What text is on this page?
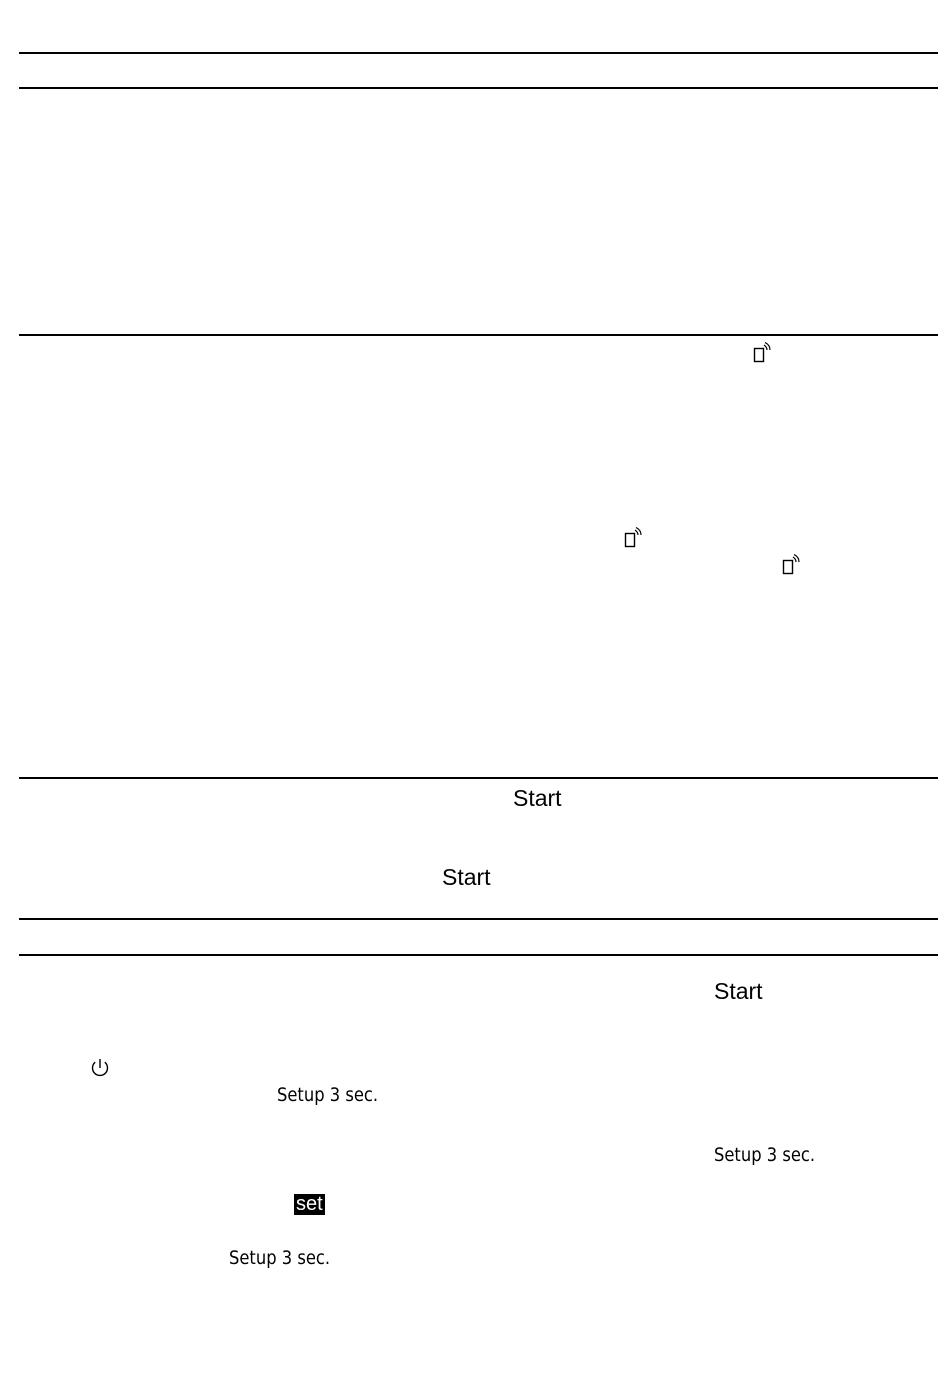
Start
Start
Start
Setup 3 sec.
Setup 3 sec.
Setup 3 sec.
set
